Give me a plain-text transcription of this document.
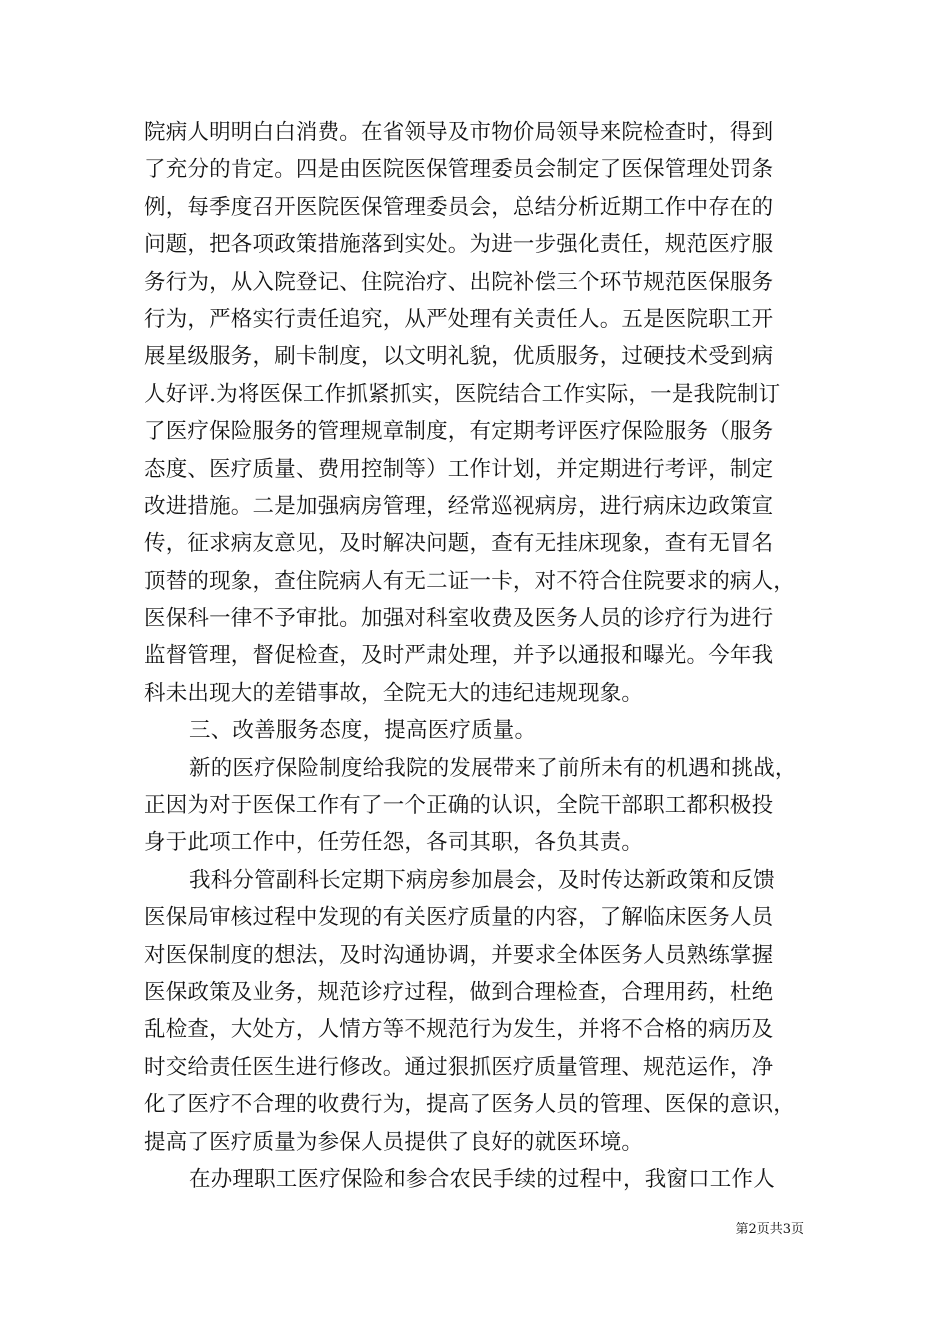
院病人明明白白消费。在省领导及市物价局领导来院检查时，得到
了充分的肯定。四是由医院医保管理委员会制定了医保管理处罚条
例，每季度召开医院医保管理委员会，总结分析近期工作中存在的
问题，把各项政策措施落到实处。为进一步强化责任，规范医疗服
务行为，从入院登记、住院治疗、出院补偿三个环节规范医保服务
行为，严格实行责任追究，从严处理有关责任人。五是医院职工开
展星级服务，刷卡制度，以文明礼貌，优质服务，过硬技术受到病
人好评.为将医保工作抓紧抓实，医院结合工作实际，一是我院制订
了医疗保险服务的管理规章制度，有定期考评医疗保险服务（服务
态度、医疗质量、费用控制等）工作计划，并定期进行考评，制定
改进措施。二是加强病房管理，经常巡视病房，进行病床边政策宣
传，征求病友意见，及时解决问题，查有无挂床现象，查有无冒名
顶替的现象，查住院病人有无二证一卡，对不符合住院要求的病人，
医保科一律不予审批。加强对科室收费及医务人员的诊疗行为进行
监督管理，督促检查，及时严肃处理，并予以通报和曝光。今年我
科未出现大的差错事故，全院无大的违纪违规现象。
三、改善服务态度，提高医疗质量。
新的医疗保险制度给我院的发展带来了前所未有的机遇和挑战，
正因为对于医保工作有了一个正确的认识，全院干部职工都积极投
身于此项工作中，任劳任怨，各司其职，各负其责。
我科分管副科长定期下病房参加晨会，及时传达新政策和反馈
医保局审核过程中发现的有关医疗质量的内容，了解临床医务人员
对医保制度的想法，及时沟通协调，并要求全体医务人员熟练掌握
医保政策及业务，规范诊疗过程，做到合理检查，合理用药，杜绝
乱检查，大处方，人情方等不规范行为发生，并将不合格的病历及
时交给责任医生进行修改。通过狠抓医疗质量管理、规范运作，净
化了医疗不合理的收费行为，提高了医务人员的管理、医保的意识，
提高了医疗质量为参保人员提供了良好的就医环境。
在办理职工医疗保险和参合农民手续的过程中，我窗口工作人
第2页共3页
